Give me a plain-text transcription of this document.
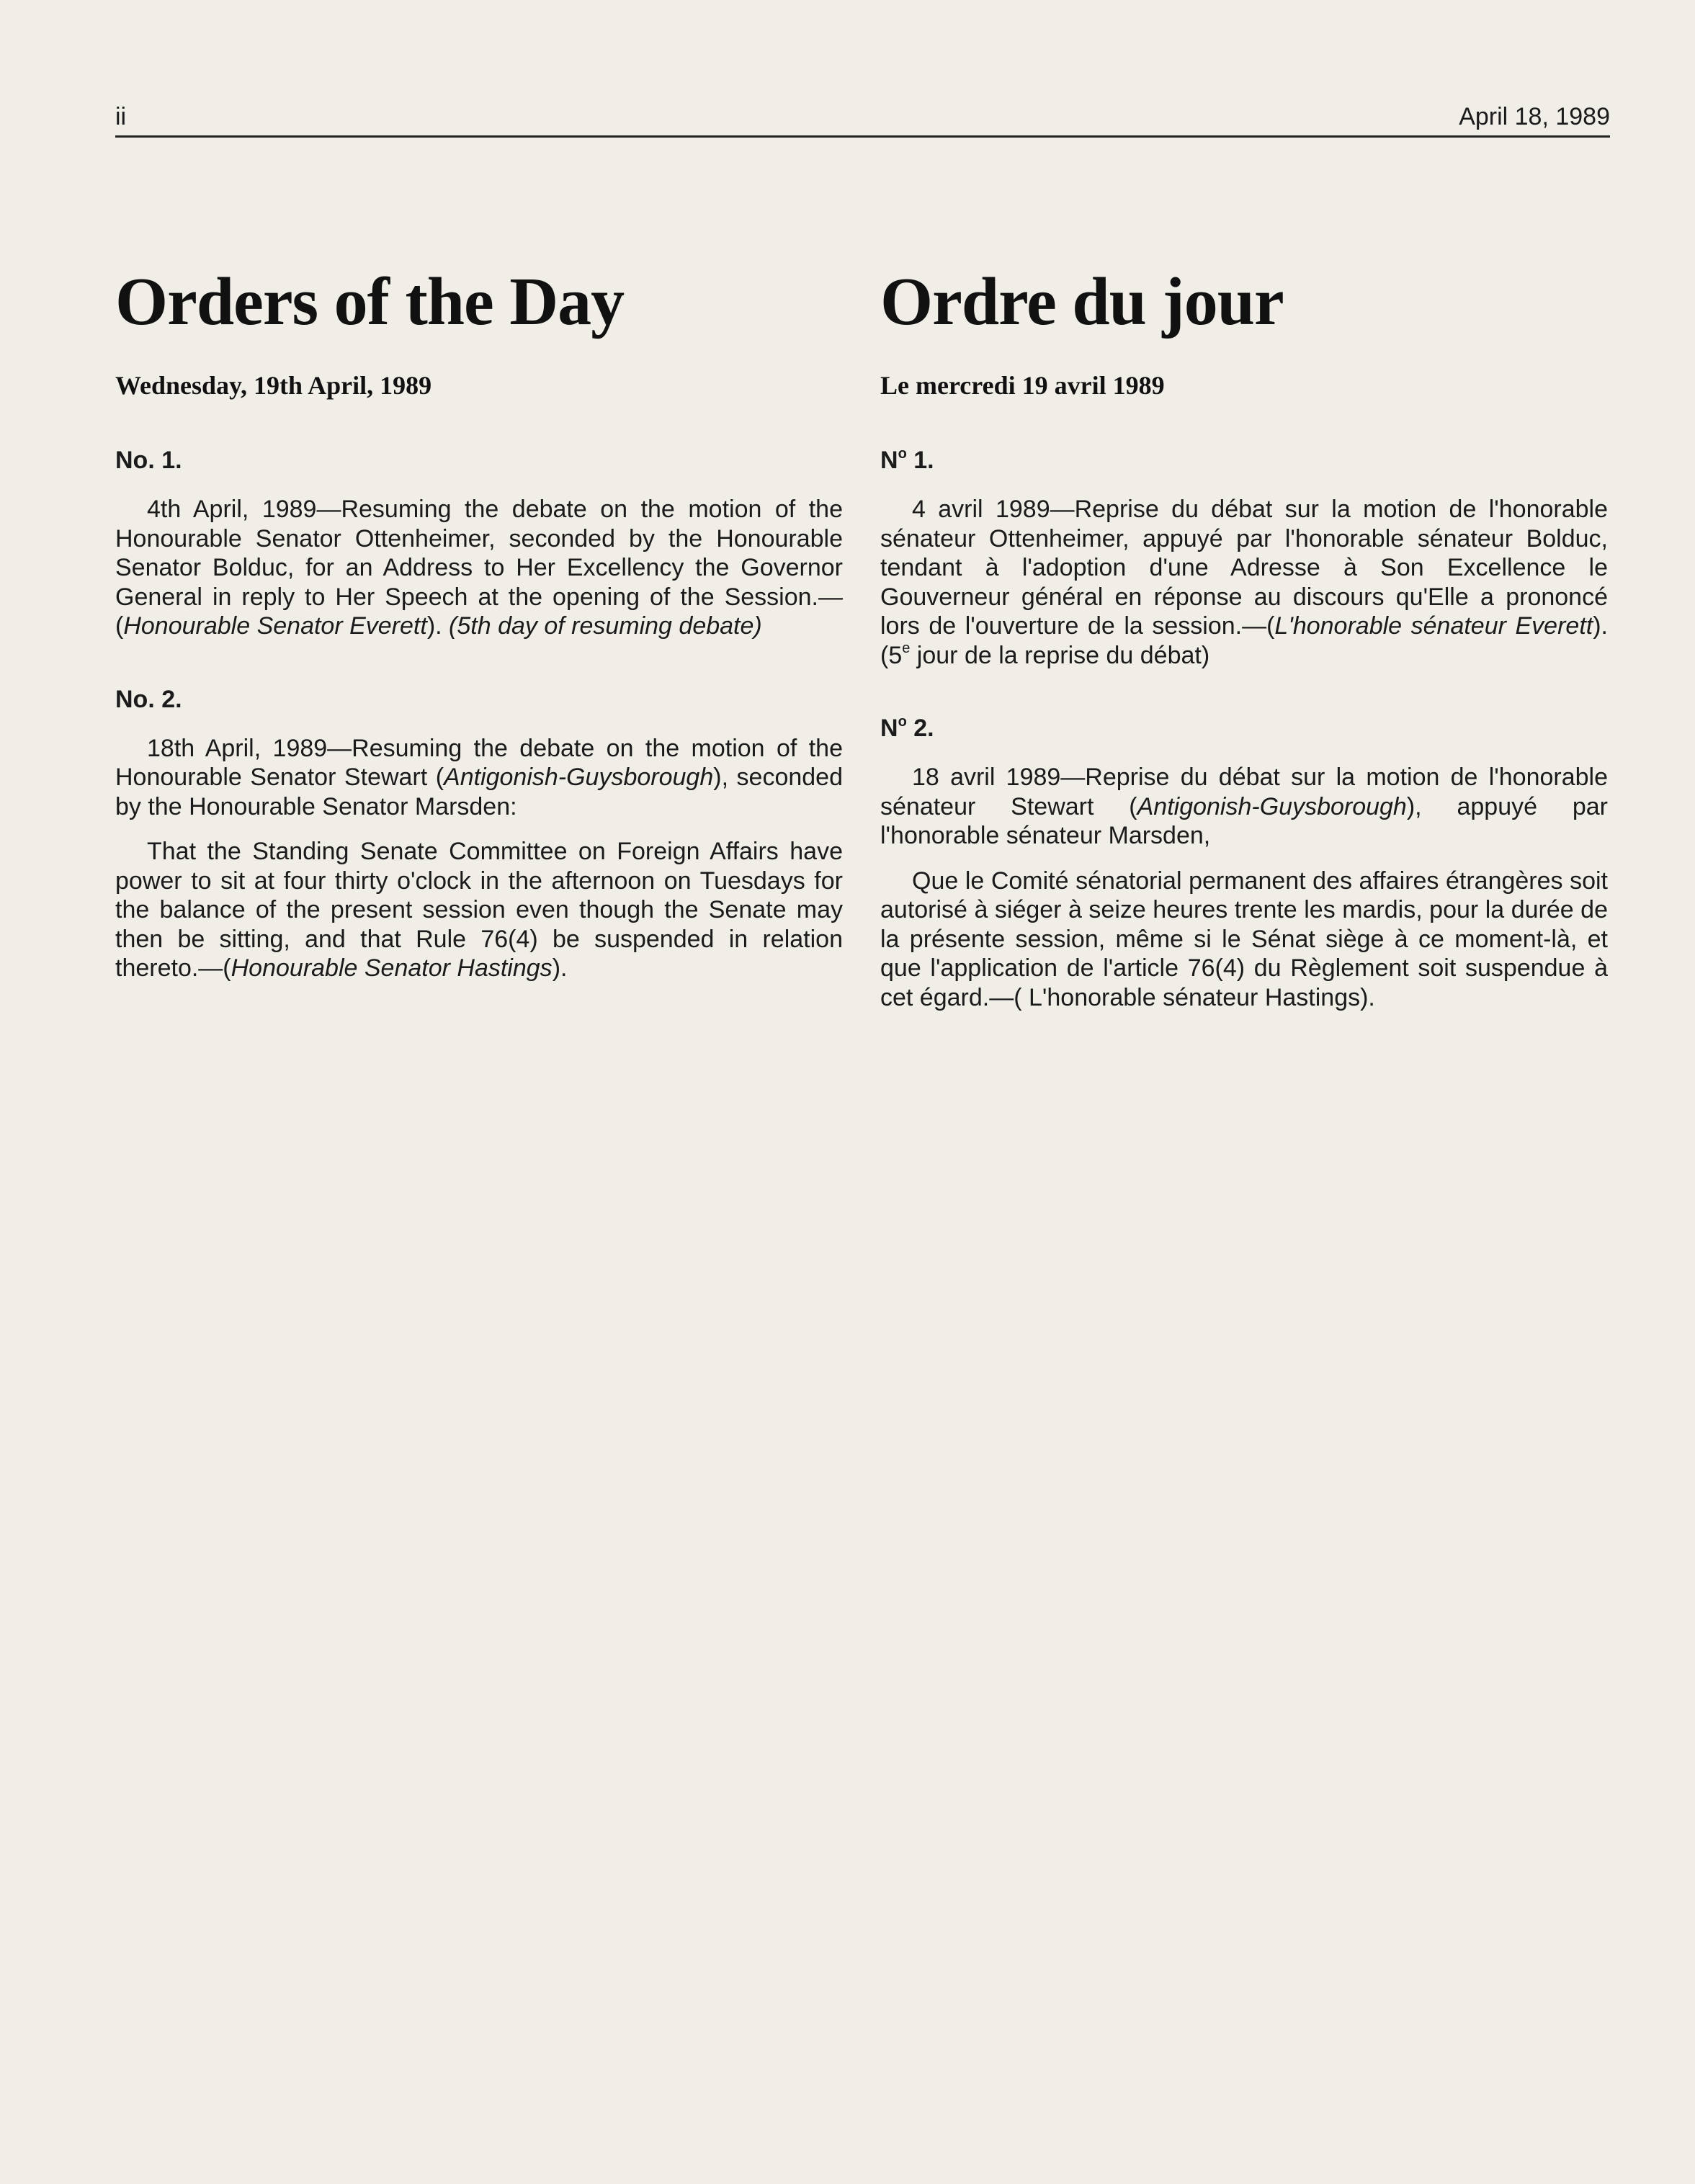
ii	April 18, 1989
Orders of the Day
Wednesday, 19th April, 1989
No. 1.

4th April, 1989—Resuming the debate on the motion of the Honourable Senator Ottenheimer, seconded by the Honourable Senator Bolduc, for an Address to Her Excellency the Governor General in reply to Her Speech at the opening of the Session.—(Honourable Senator Everett). (5th day of resuming debate)

No. 2.

18th April, 1989—Resuming the debate on the motion of the Honourable Senator Stewart (Antigonish-Guysborough), seconded by the Honourable Senator Marsden:

That the Standing Senate Committee on Foreign Affairs have power to sit at four thirty o'clock in the afternoon on Tuesdays for the balance of the present session even though the Senate may then be sitting, and that Rule 76(4) be suspended in relation thereto.—(Honourable Senator Hastings).

Ordre du jour
Le mercredi 19 avril 1989
$N^o$ 1.

4 avril 1989—Reprise du débat sur la motion de l'honorable sénateur Ottenheimer, appuyé par l'honorable sénateur Bolduc, tendant à l'adoption d'une Adresse à Son Excellence le Gouverneur général en réponse au discours qu'Elle a prononcé lors de l'ouverture de la session.—(L'honorable sénateur Everett). (5e jour de la reprise du débat)

$N^o$ 2.

18 avril 1989—Reprise du débat sur la motion de l'honorable sénateur Stewart (Antigonish-Guysborough), appuyé par l'honorable sénateur Marsden,

Que le Comité sénatorial permanent des affaires étrangères soit autorisé à siéger à seize heures trente les mardis, pour la durée de la présente session, même si le Sénat siège à ce moment-là, et que l'application de l'article 76(4) du Règlement soit suspendue à cet égard.—( L'honorable sénateur Hastings).
